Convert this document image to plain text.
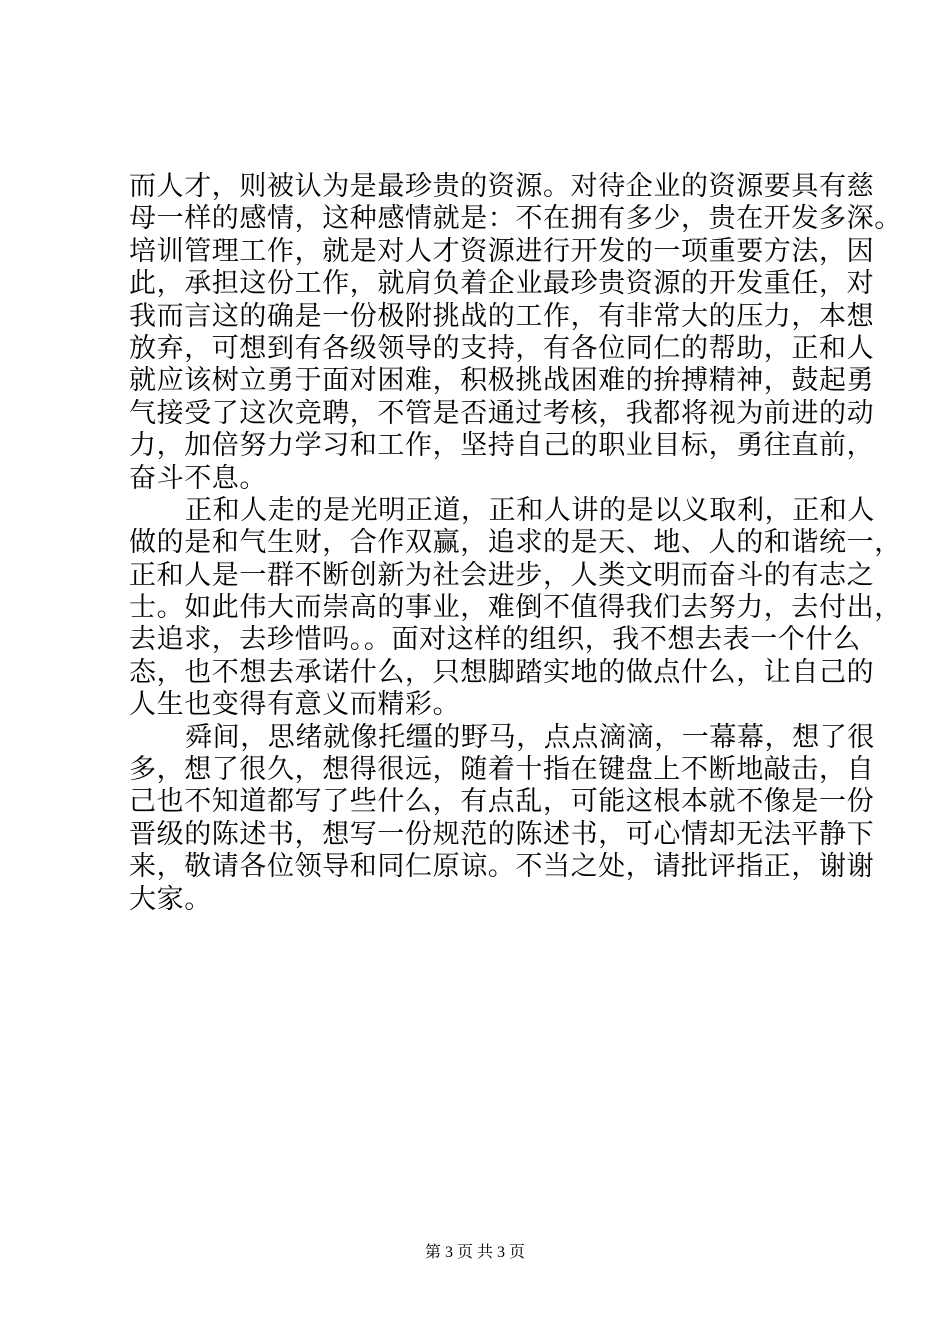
而人才，则被认为是最珍贵的资源。对待企业的资源要具有慈
母一样的感情，这种感情就是：不在拥有多少，贵在开发多深。
培训管理工作，就是对人才资源进行开发的一项重要方法，因
此，承担这份工作，就肩负着企业最珍贵资源的开发重任，对
我而言这的确是一份极附挑战的工作，有非常大的压力，本想
放弃，可想到有各级领导的支持，有各位同仁的帮助，正和人
就应该树立勇于面对困难，积极挑战困难的拚搏精神，鼓起勇
气接受了这次竞聘，不管是否通过考核，我都将视为前进的动
力，加倍努力学习和工作，坚持自己的职业目标，勇往直前，
奋斗不息。
正和人走的是光明正道，正和人讲的是以义取利，正和人
做的是和气生财，合作双赢，追求的是天、地、人的和谐统一，
正和人是一群不断创新为社会进步，人类文明而奋斗的有志之
士。如此伟大而崇高的事业，难倒不值得我们去努力，去付出，
去追求，去珍惜吗。。面对这样的组织，我不想去表一个什么
态，也不想去承诺什么，只想脚踏实地的做点什么，让自己的
人生也变得有意义而精彩。
舜间，思绪就像托缰的野马，点点滴滴，一幕幕，想了很
多，想了很久，想得很远，随着十指在键盘上不断地敲击，自
己也不知道都写了些什么，有点乱，可能这根本就不像是一份
晋级的陈述书，想写一份规范的陈述书，可心情却无法平静下
来，敬请各位领导和同仁原谅。不当之处，请批评指正，谢谢
大家。
第 3 页 共 3 页
